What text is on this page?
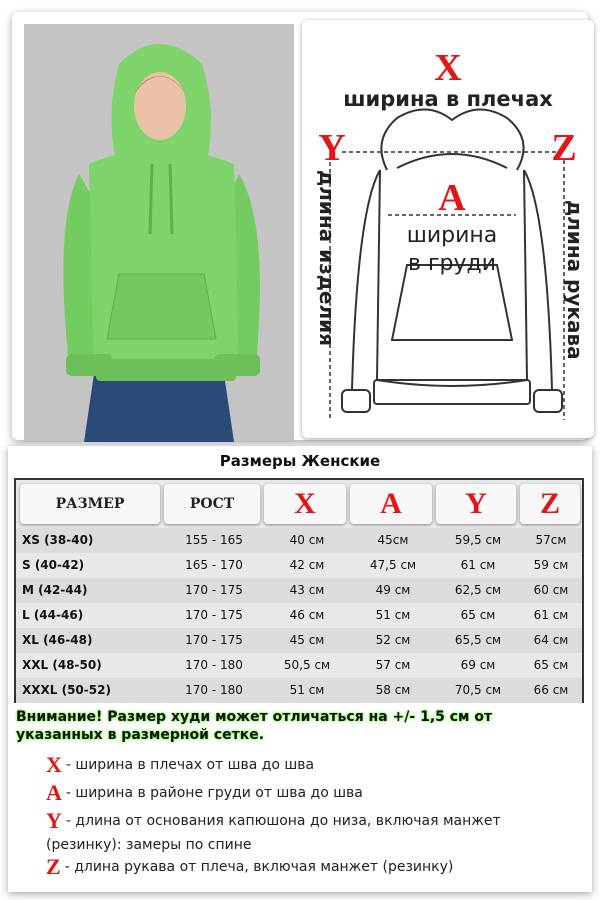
X
ширина в плечах
Y	Z
A
ширина
в груди
длина изделия	длина рукава
Размеры Женские
РАЗМЕР	РОСТ X A Y Z
XS (38-40)	155 - 165	40 см	45см	59,5 см	57см
S (40-42)	165 - 170	42 см	47,5 см	61 см	59 см
M (42-44)	170 - 175	43 см	49 см	62,5 см	60 см
L (44-46)	170 - 175	46 см	51 см	65 см	61 см
XL (46-48)	170 - 175	45 см	52 см	65,5 см	64 см
XXL (48-50)	170 - 180	50,5 см	57 см	69 см	65 см
XXXL (50-52)	170 - 180	51 см	58 см	70,5 см	66 см
Внимание! Размер худи может отличаться на +/- 1,5 см от
указанных в размерной сетке.
X - ширина в плечах от шва до шва
A - ширина в районе груди от шва до шва
Y - длина от основания капюшона до низа, включая манжет
(резинку): замеры по спине
Z - длина рукава от плеча, включая манжет (резинку)
